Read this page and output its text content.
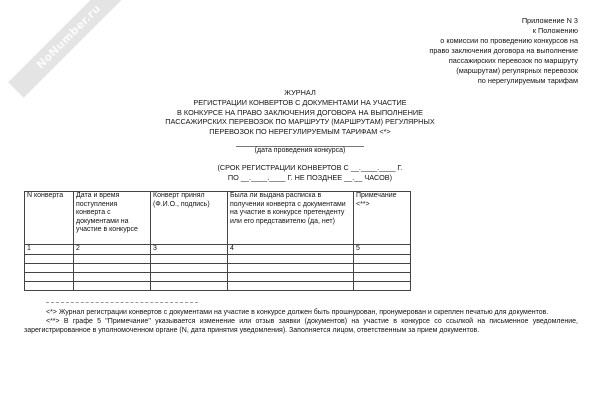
NoNumber.ru	Приложение N 3
к Положению
о комиссии по проведению конкурсов на
право заключения договора на выполнение
пассажирских перевозок по маршруту
(маршрутам) регулярных перевозок
по нерегулируемым тарифам
ЖУРНАЛ
РЕГИСТРАЦИИ КОНВЕРТОВ С ДОКУМЕНТАМИ НА УЧАСТИЕ
В КОНКУРСЕ НА ПРАВО ЗАКЛЮЧЕНИЯ ДОГОВОРА НА ВЫПОЛНЕНИЕ
ПАССАЖИРСКИХ ПЕРЕВОЗОК ПО МАРШРУТУ (МАРШРУТАМ) РЕГУЛЯРНЫХ
ПЕРЕВОЗОК ПО НЕРЕГУЛИРУЕМЫМ ТАРИФАМ <*>
(дата проведения конкурса)
(СРОК РЕГИСТРАЦИИ КОНВЕРТОВ С __.____.____ Г.
ПО __.____.____ Г. НЕ ПОЗДНЕЕ __.__ ЧАСОВ)
N конверта	Дата и время поступления конверта с документами на участие в конкурсе	Конверт принял (Ф.И.О., подпись)	Была ли выдана расписка в получении конверта с документами на участие в конкурсе претенденту или его представителю (да, нет)	Примечание <**>
1	2	3	4	5

<*> Журнал регистрации конвертов с документами на участие в конкурсе должен быть прошнурован, пронумерован и скреплен печатью для документов.

<**> В графе 5 "Примечание" указывается изменение или отзыв заявки (документов) на участие в конкурсе со ссылкой на письменное уведомление, зарегистрированное в уполномоченном органе (N, дата принятия уведомления). Заполняется лицом, ответственным за прием документов.
